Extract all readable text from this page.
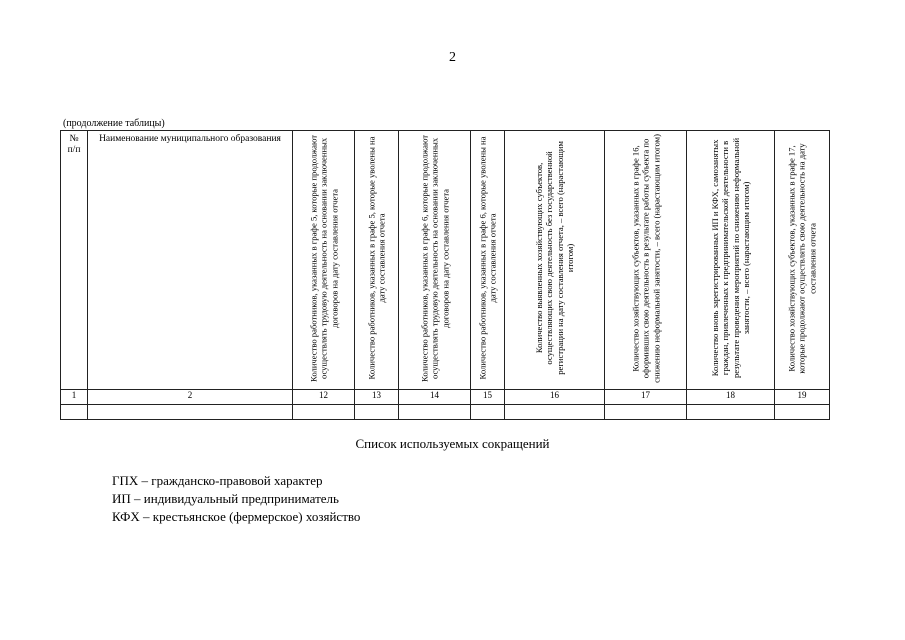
2
(продолжение таблицы)
№
п/п	Наименование муниципального образования	Количество работников, указанных в графе 5, которые продолжают осуществлять трудовую деятельность на основании заключенных договоров на дату составления отчета	Количество работников, указанных в графе 5, которые уволены на дату составления отчета	Количество работников, указанных в графе 6, которые продолжают осуществлять трудовую деятельность на основании заключенных договоров на дату составления отчета	Количество работников, указанных в графе 6, которые уволены на дату составления отчета	Количество выявленных хозяйствующих субъектов, осуществляющих свою деятельность без государственной регистрации на дату составления отчета, – всего (нарастающим итогом)	Количество хозяйствующих субъектов, указанных в графе 16, оформивших свою деятельность в результате работы субъекта по снижению неформальной занятости, – всего (нарастающим итогом)	Количество вновь зарегистрированных ИП и КФХ, самозанятых граждан, привлеченных к предпринимательской деятельности в результате проведения мероприятий по снижению неформальной занятости, – всего (нарастающим итогом)	Количество хозяйствующих субъектов, указанных в графе 17, которые продолжают осуществлять свою деятельность на дату составления отчета

1	2	12	13	14	15	16	17	18	19

Список используемых сокращений
ГПХ – гражданско-правовой характер
ИП – индивидуальный предприниматель
КФХ – крестьянское (фермерское) хозяйство
